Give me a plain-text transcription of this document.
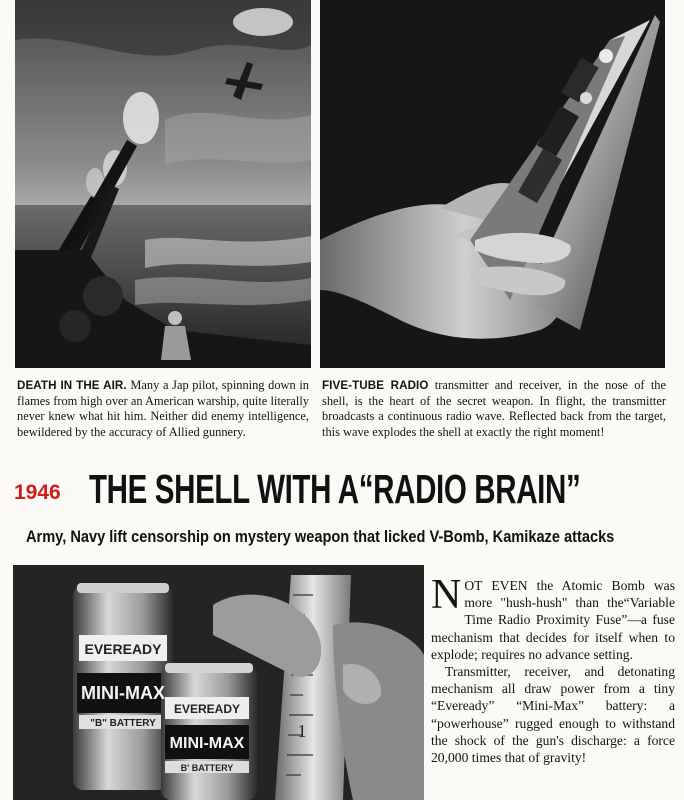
DEATH IN THE AIR. Many a Jap pilot, spinning down in flames from high over an American warship, quite literally never knew what hit him. Neither did enemy intelligence, bewildered by the accuracy of Allied gunnery.

FIVE-TUBE RADIO transmitter and receiver, in the nose of the shell, is the heart of the secret weapon. In flight, the transmitter broadcasts a continuous radio wave. Reflected back from the target, this wave explodes the shell at exactly the right moment!

1946 THE SHELL WITH A“RADIO BRAIN”
Army, Navy lift censorship on mystery weapon that licked V-Bomb, Kamikaze attacks
EVEREADY
MINI-MAX
"B" BATTERY
EVEREADY
MINI-MAX
B' BATTERY
1

NOT EVEN the Atomic Bomb was more "hush-hush" than the“Variable Time Radio Proximity Fuse”—a fuse mechanism that decides for itself when to explode; requires no advance setting.

Transmitter, receiver, and detonating mechanism all draw power from a tiny “Eveready” “Mini-Max” battery: a “powerhouse” rugged enough to withstand the shock of the gun's discharge: a force 20,000 times that of gravity!
